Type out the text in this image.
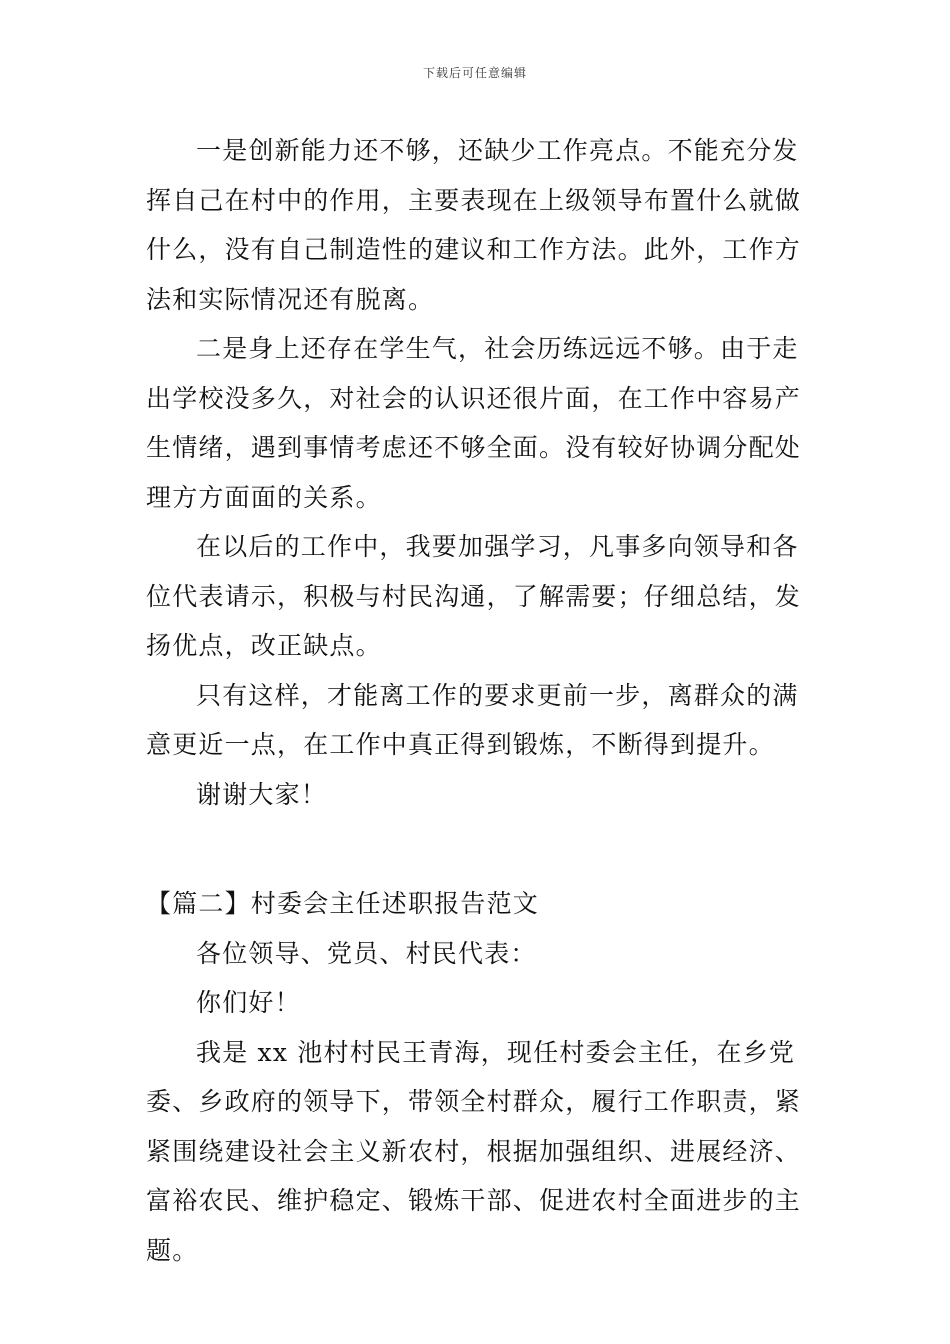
下载后可任意编辑

一是创新能力还不够，还缺少工作亮点。不能充分发挥自己在村中的作用，主要表现在上级领导布置什么就做什么，没有自己制造性的建议和工作方法。此外，工作方法和实际情况还有脱离。

二是身上还存在学生气，社会历练远远不够。由于走出学校没多久，对社会的认识还很片面，在工作中容易产生情绪，遇到事情考虑还不够全面。没有较好协调分配处理方方面面的关系。

在以后的工作中，我要加强学习，凡事多向领导和各位代表请示，积极与村民沟通，了解需要；仔细总结，发扬优点，改正缺点。

只有这样，才能离工作的要求更前一步，离群众的满意更近一点，在工作中真正得到锻炼，不断得到提升。

谢谢大家！

【篇二】村委会主任述职报告范文

各位领导、党员、村民代表：

你们好！

我是 xx 池村村民王青海，现任村委会主任，在乡党委、乡政府的领导下，带领全村群众，履行工作职责，紧紧围绕建设社会主义新农村，根据加强组织、进展经济、富裕农民、维护稳定、锻炼干部、促进农村全面进步的主题。
